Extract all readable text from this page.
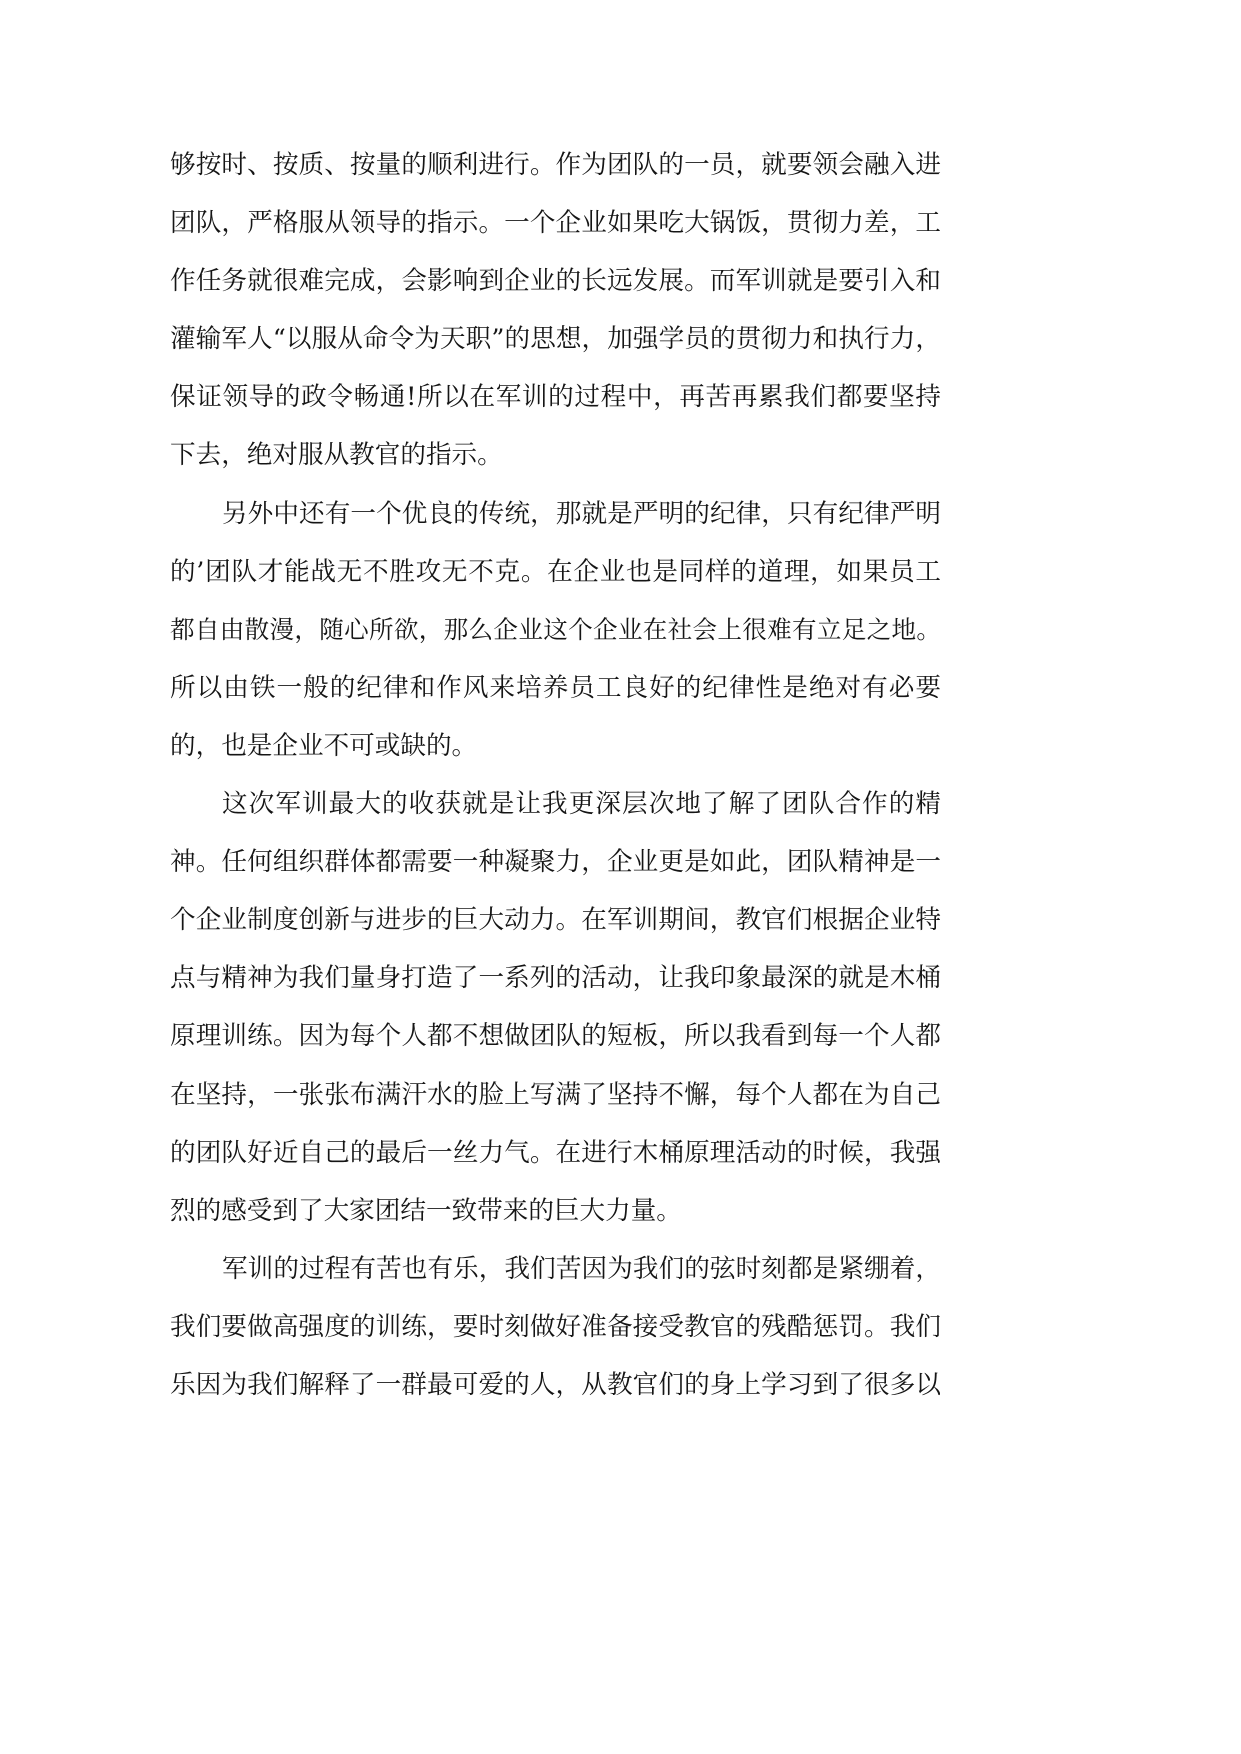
够按时、按质、按量的顺利进行。作为团队的一员，就要领会融入进
团队，严格服从领导的指示。一个企业如果吃大锅饭，贯彻力差，工
作任务就很难完成，会影响到企业的长远发展。而军训就是要引入和
灌输军人“以服从命令为天职”的思想，加强学员的贯彻力和执行力，
保证领导的政令畅通!所以在军训的过程中，再苦再累我们都要坚持
下去，绝对服从教官的指示。
另外中还有一个优良的传统，那就是严明的纪律，只有纪律严明
的’团队才能战无不胜攻无不克。在企业也是同样的道理，如果员工
都自由散漫，随心所欲，那么企业这个企业在社会上很难有立足之地。
所以由铁一般的纪律和作风来培养员工良好的纪律性是绝对有必要
的，也是企业不可或缺的。
这次军训最大的收获就是让我更深层次地了解了团队合作的精
神。任何组织群体都需要一种凝聚力，企业更是如此，团队精神是一
个企业制度创新与进步的巨大动力。在军训期间，教官们根据企业特
点与精神为我们量身打造了一系列的活动，让我印象最深的就是木桶
原理训练。因为每个人都不想做团队的短板，所以我看到每一个人都
在坚持，一张张布满汗水的脸上写满了坚持不懈，每个人都在为自己
的团队好近自己的最后一丝力气。在进行木桶原理活动的时候，我强
烈的感受到了大家团结一致带来的巨大力量。
军训的过程有苦也有乐，我们苦因为我们的弦时刻都是紧绷着，
我们要做高强度的训练，要时刻做好准备接受教官的残酷惩罚。我们
乐因为我们解释了一群最可爱的人，从教官们的身上学习到了很多以
